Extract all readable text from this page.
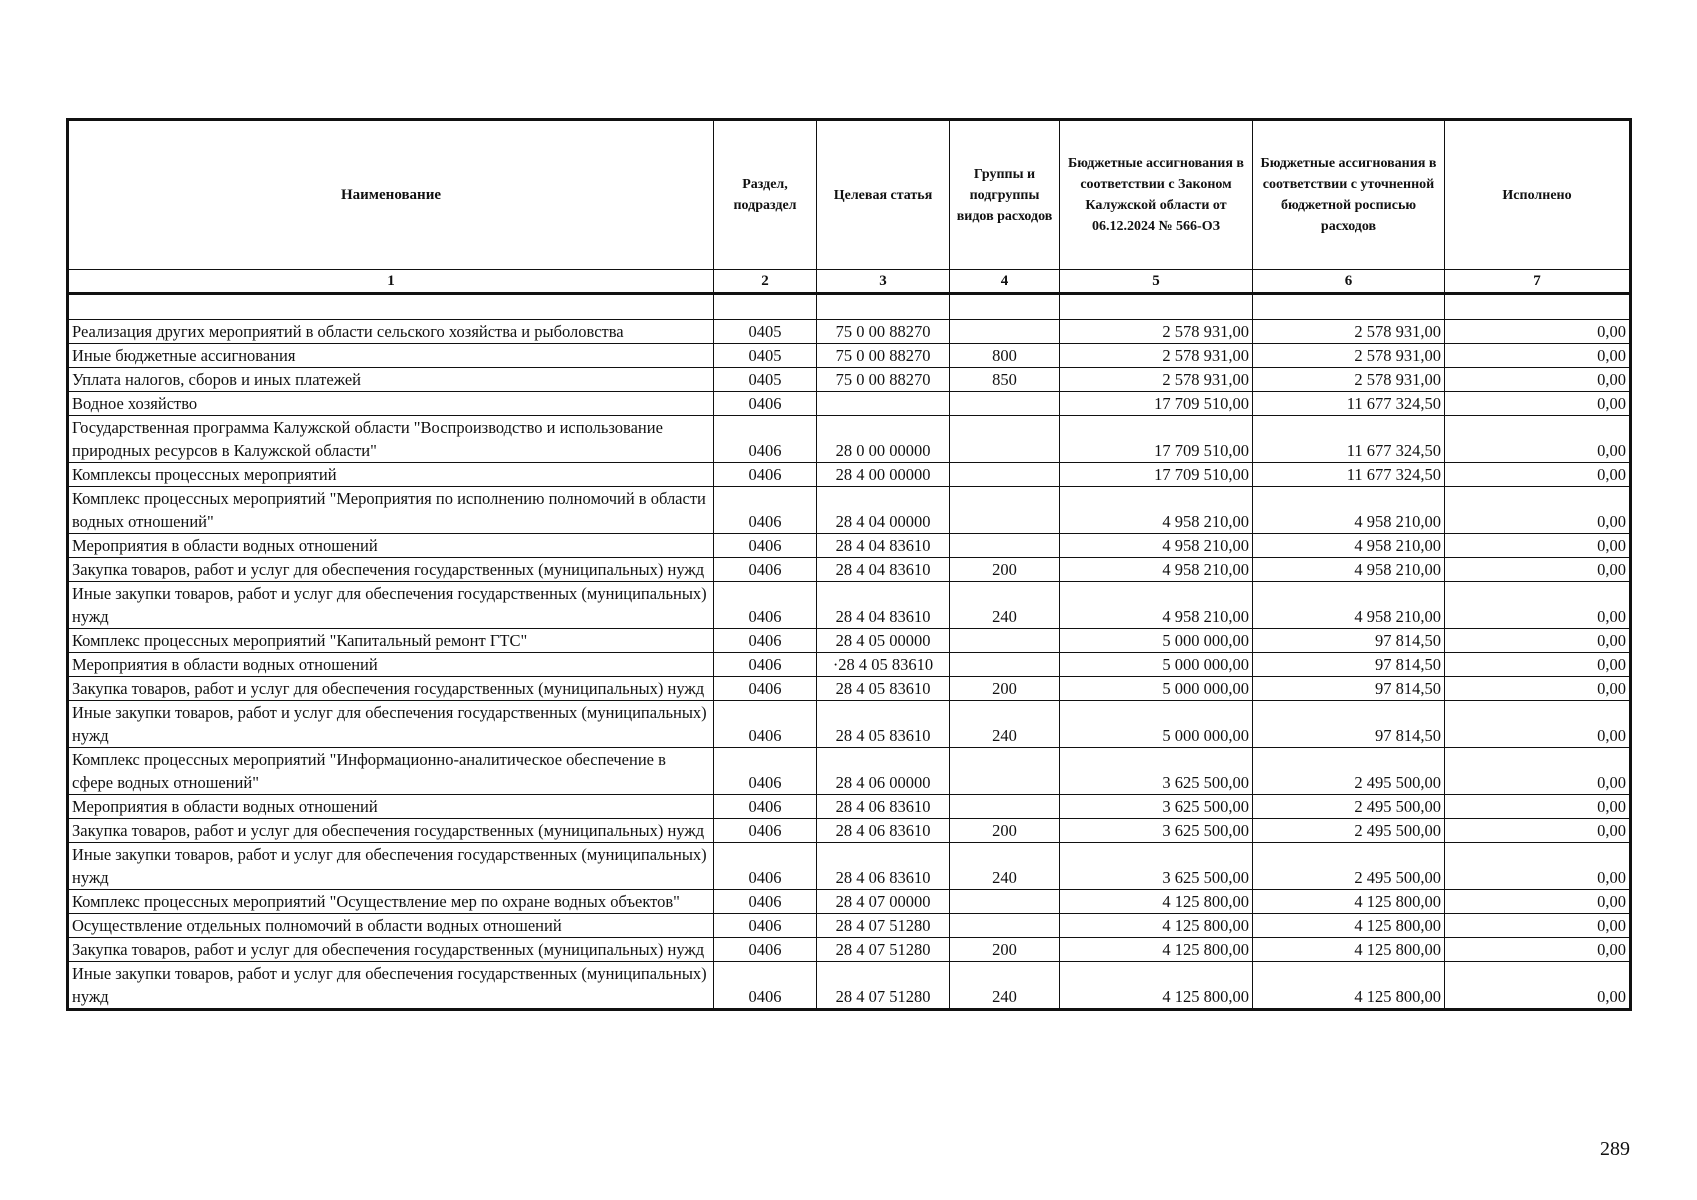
Наименование	Раздел, подраздел	Целевая статья	Группы и подгруппы видов расходов	Бюджетные ассигнования в соответствии с Законом Калужской области от 06.12.2024 № 566-ОЗ	Бюджетные ассигнования в соответствии с уточненной бюджетной росписью расходов	Исполнено
1	2	3	4	5	6	7

Реализация других мероприятий в области сельского хозяйства и рыболовства	0405	75 0 00 88270		2 578 931,00	2 578 931,00	0,00
Иные бюджетные ассигнования	0405	75 0 00 88270	800	2 578 931,00	2 578 931,00	0,00
Уплата налогов, сборов и иных платежей	0405	75 0 00 88270	850	2 578 931,00	2 578 931,00	0,00
Водное хозяйство	0406			17 709 510,00	11 677 324,50	0,00
Государственная программа Калужской области "Воспроизводство и использование природных ресурсов в Калужской области"	0406	28 0 00 00000		17 709 510,00	11 677 324,50	0,00
Комплексы процессных мероприятий	0406	28 4 00 00000		17 709 510,00	11 677 324,50	0,00
Комплекс процессных мероприятий "Мероприятия по исполнению полномочий в области водных отношений"	0406	28 4 04 00000		4 958 210,00	4 958 210,00	0,00
Мероприятия в области водных отношений	0406	28 4 04 83610		4 958 210,00	4 958 210,00	0,00
Закупка товаров, работ и услуг для обеспечения государственных (муниципальных) нужд	0406	28 4 04 83610	200	4 958 210,00	4 958 210,00	0,00
Иные закупки товаров, работ и услуг для обеспечения государственных (муниципальных) нужд	0406	28 4 04 83610	240	4 958 210,00	4 958 210,00	0,00
Комплекс процессных мероприятий "Капитальный ремонт ГТС"	0406	28 4 05 00000		5 000 000,00	97 814,50	0,00
Мероприятия в области водных отношений	0406	·28 4 05 83610		5 000 000,00	97 814,50	0,00
Закупка товаров, работ и услуг для обеспечения государственных (муниципальных) нужд	0406	28 4 05 83610	200	5 000 000,00	97 814,50	0,00
Иные закупки товаров, работ и услуг для обеспечения государственных (муниципальных) нужд	0406	28 4 05 83610	240	5 000 000,00	97 814,50	0,00
Комплекс процессных мероприятий "Информационно-аналитическое обеспечение в сфере водных отношений"	0406	28 4 06 00000		3 625 500,00	2 495 500,00	0,00
Мероприятия в области водных отношений	0406	28 4 06 83610		3 625 500,00	2 495 500,00	0,00
Закупка товаров, работ и услуг для обеспечения государственных (муниципальных) нужд	0406	28 4 06 83610	200	3 625 500,00	2 495 500,00	0,00
Иные закупки товаров, работ и услуг для обеспечения государственных (муниципальных) нужд	0406	28 4 06 83610	240	3 625 500,00	2 495 500,00	0,00
Комплекс процессных мероприятий "Осуществление мер по охране водных объектов"	0406	28 4 07 00000		4 125 800,00	4 125 800,00	0,00
Осуществление отдельных полномочий в области водных отношений	0406	28 4 07 51280		4 125 800,00	4 125 800,00	0,00
Закупка товаров, работ и услуг для обеспечения государственных (муниципальных) нужд	0406	28 4 07 51280	200	4 125 800,00	4 125 800,00	0,00
Иные закупки товаров, работ и услуг для обеспечения государственных (муниципальных) нужд	0406	28 4 07 51280	240	4 125 800,00	4 125 800,00	0,00
289
